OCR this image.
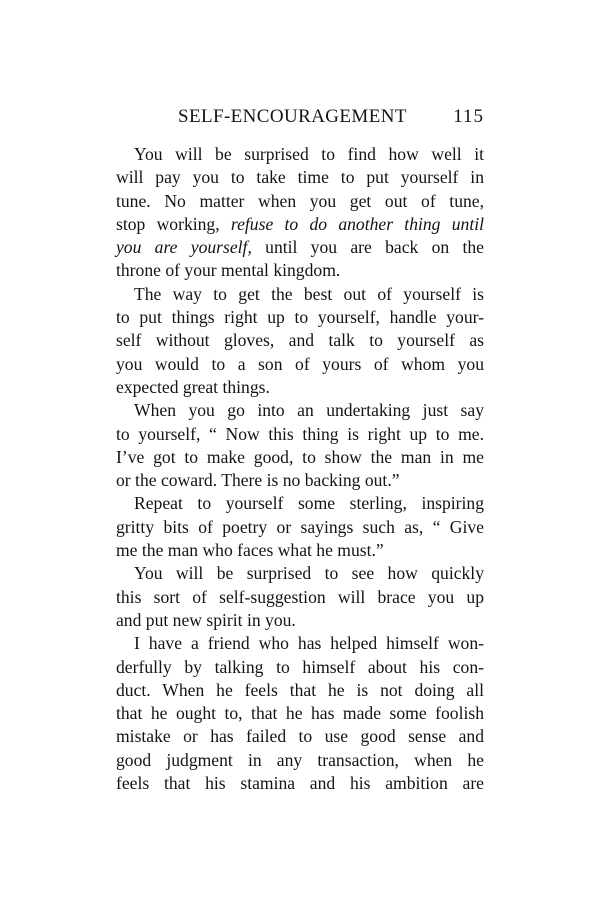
SELF-ENCOURAGEMENT 115
You will be surprised to find how well it
will pay you to take time to put yourself in
tune. No matter when you get out of tune,
stop working, refuse to do another thing until
you are yourself, until you are back on the
throne of your mental kingdom.
The way to get the best out of yourself is
to put things right up to yourself, handle your-
self without gloves, and talk to yourself as
you would to a son of yours of whom you
expected great things.
When you go into an undertaking just say
to yourself, “ Now this thing is right up to me.
I’ve got to make good, to show the man in me
or the coward. There is no backing out.”
Repeat to yourself some sterling, inspiring
gritty bits of poetry or sayings such as, “ Give
me the man who faces what he must.”
You will be surprised to see how quickly
this sort of self-suggestion will brace you up
and put new spirit in you.
I have a friend who has helped himself won-
derfully by talking to himself about his con-
duct. When he feels that he is not doing all
that he ought to, that he has made some foolish
mistake or has failed to use good sense and
good judgment in any transaction, when he
feels that his stamina and his ambition are
